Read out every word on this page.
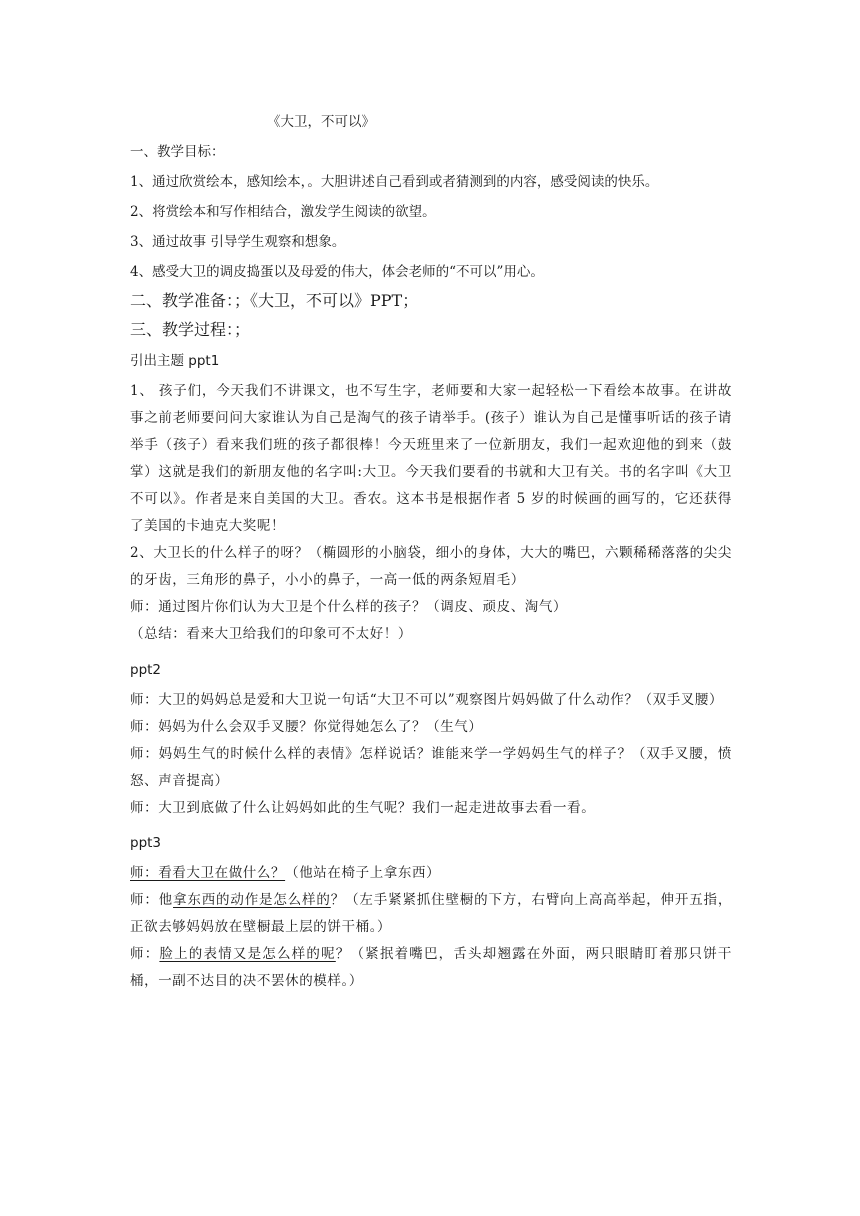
《大卫，不可以》

一、教学目标：

1、通过欣赏绘本，感知绘本，。大胆讲述自己看到或者猜测到的内容，感受阅读的快乐。

2、将赏绘本和写作相结合，激发学生阅读的欲望。

3、通过故事 引导学生观察和想象。

4、感受大卫的调皮捣蛋以及母爱的伟大，体会老师的“不可以”用心。

二、教学准备：；《大卫，不可以》PPT；

三、教学过程：；

引出主题 ppt1

1、 孩子们，今天我们不讲课文，也不写生字，老师要和大家一起轻松一下看绘本故事。在讲故事之前老师要问问大家谁认为自己是淘气的孩子请举手。(孩子）谁认为自己是懂事听话的孩子请举手（孩子）看来我们班的孩子都很棒！今天班里来了一位新朋友，我们一起欢迎他的到来（鼓掌）这就是我们的新朋友他的名字叫:大卫。今天我们要看的书就和大卫有关。书的名字叫《大卫不可以》。作者是来自美国的大卫。香农。这本书是根据作者 5 岁的时候画的画写的，它还获得了美国的卡迪克大奖呢！

2、大卫长的什么样子的呀？（椭圆形的小脑袋，细小的身体，大大的嘴巴，六颗稀稀落落的尖尖的牙齿，三角形的鼻子，小小的鼻子，一高一低的两条短眉毛）

师：通过图片你们认为大卫是个什么样的孩子？（调皮、顽皮、淘气）

（总结：看来大卫给我们的印象可不太好！）

ppt2

师：大卫的妈妈总是爱和大卫说一句话“大卫不可以”观察图片妈妈做了什么动作？（双手叉腰）

师：妈妈为什么会双手叉腰？你觉得她怎么了？（生气）

师：妈妈生气的时候什么样的表情》怎样说话？谁能来学一学妈妈生气的样子？（双手叉腰，愤怒、声音提高）

师：大卫到底做了什么让妈妈如此的生气呢？我们一起走进故事去看一看。

ppt3

师：看看大卫在做什么？（他站在椅子上拿东西）

师：他拿东西的动作是怎么样的？（左手紧紧抓住壁橱的下方，右臂向上高高举起，伸开五指，正欲去够妈妈放在壁橱最上层的饼干桶。）

师：脸上的表情又是怎么样的呢？（紧抿着嘴巴，舌头却翘露在外面，两只眼睛盯着那只饼干桶，一副不达目的决不罢休的模样。）
